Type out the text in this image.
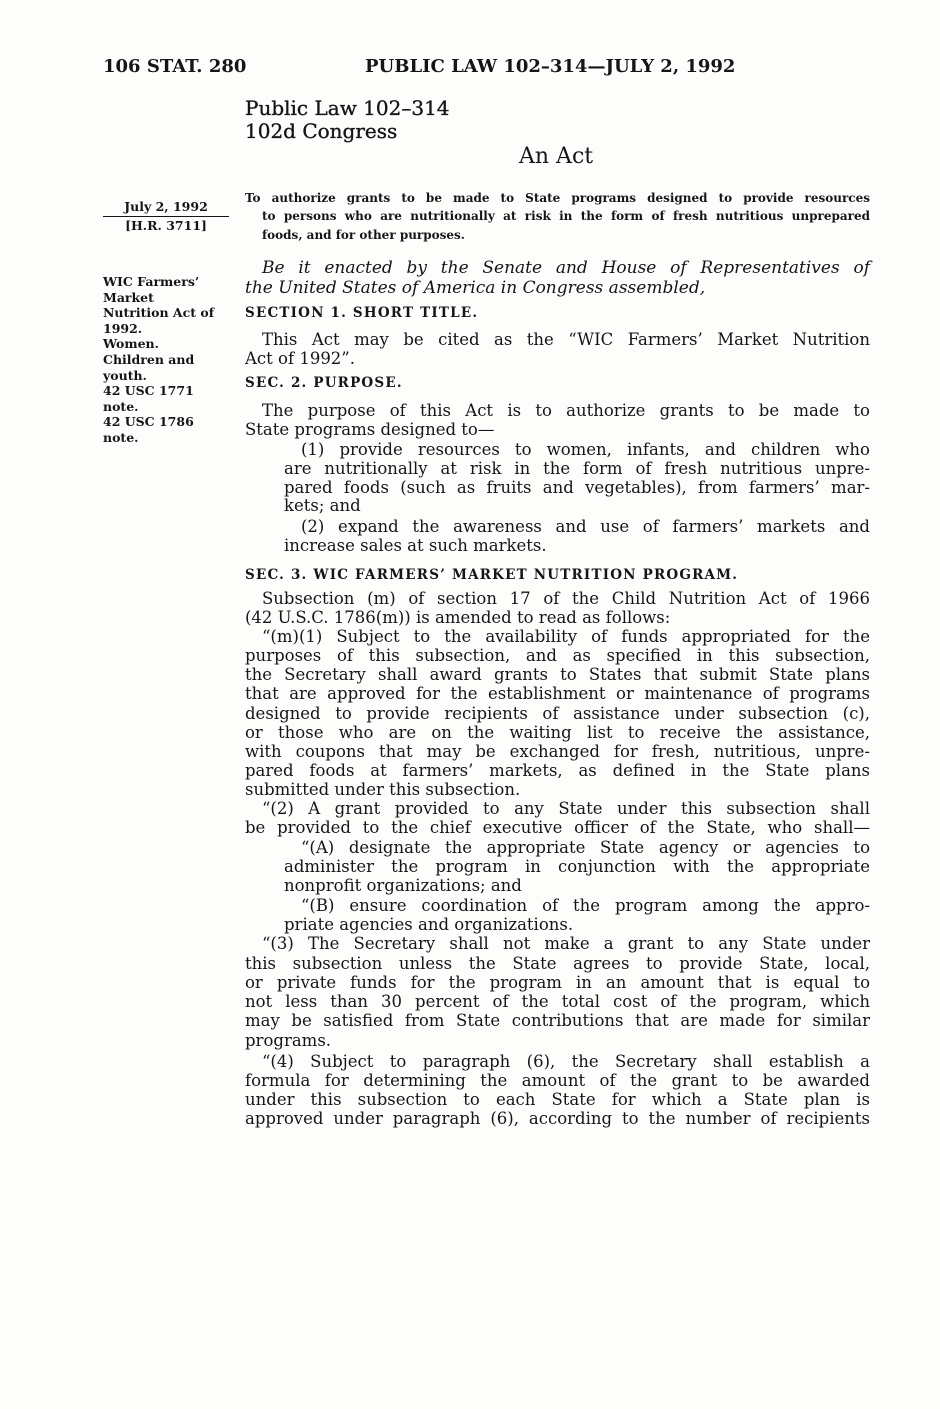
106 STAT. 280	PUBLIC LAW 102–314—JULY 2, 1992
Public Law 102–314
102d Congress
An Act
July 2, 1992
[H.R. 3711]
WIC Farmers’
Market
Nutrition Act of
1992.
Women.
Children and
youth.
42 USC 1771
note.
42 USC 1786
note.
To authorize grants to be made to State programs designed to provide resources
to persons who are nutritionally at risk in the form of fresh nutritious unprepared
foods, and for other purposes.
Be it enacted by the Senate and House of Representatives of
the United States of America in Congress assembled,
SECTION 1. SHORT TITLE.
This Act may be cited as the “WIC Farmers’ Market Nutrition
Act of 1992”.
SEC. 2. PURPOSE.
The purpose of this Act is to authorize grants to be made to
State programs designed to—
(1) provide resources to women, infants, and children who
are nutritionally at risk in the form of fresh nutritious unpre-
pared foods (such as fruits and vegetables), from farmers’ mar-
kets; and
(2) expand the awareness and use of farmers’ markets and
increase sales at such markets.
SEC. 3. WIC FARMERS’ MARKET NUTRITION PROGRAM.
Subsection (m) of section 17 of the Child Nutrition Act of 1966
(42 U.S.C. 1786(m)) is amended to read as follows:
“(m)(1) Subject to the availability of funds appropriated for the
purposes of this subsection, and as specified in this subsection,
the Secretary shall award grants to States that submit State plans
that are approved for the establishment or maintenance of programs
designed to provide recipients of assistance under subsection (c),
or those who are on the waiting list to receive the assistance,
with coupons that may be exchanged for fresh, nutritious, unpre-
pared foods at farmers’ markets, as defined in the State plans
submitted under this subsection.
“(2) A grant provided to any State under this subsection shall
be provided to the chief executive officer of the State, who shall—
“(A) designate the appropriate State agency or agencies to
administer the program in conjunction with the appropriate
nonprofit organizations; and
“(B) ensure coordination of the program among the appro-
priate agencies and organizations.
“(3) The Secretary shall not make a grant to any State under
this subsection unless the State agrees to provide State, local,
or private funds for the program in an amount that is equal to
not less than 30 percent of the total cost of the program, which
may be satisfied from State contributions that are made for similar
programs.
“(4) Subject to paragraph (6), the Secretary shall establish a
formula for determining the amount of the grant to be awarded
under this subsection to each State for which a State plan is
approved under paragraph (6), according to the number of recipients
